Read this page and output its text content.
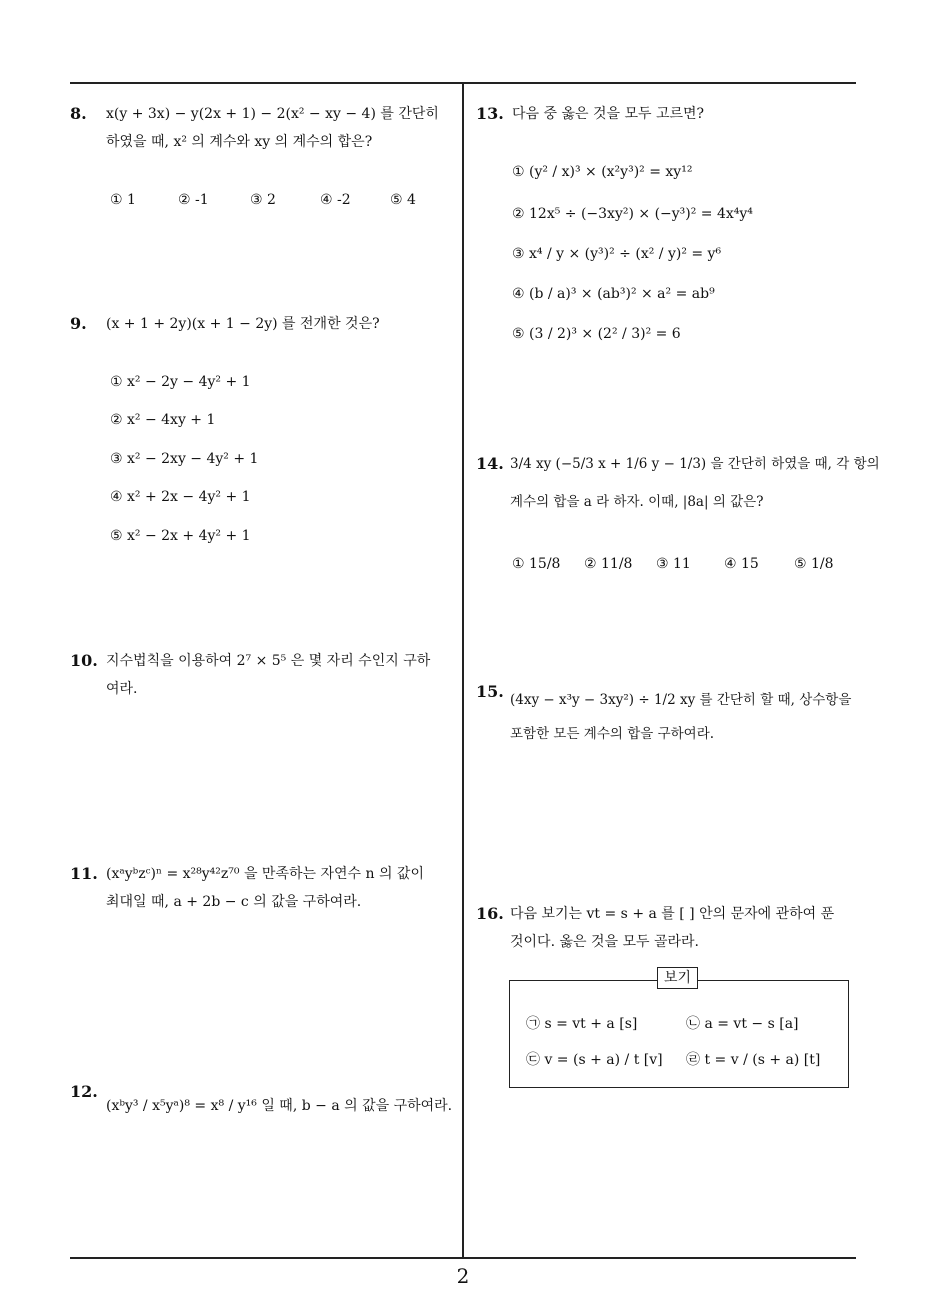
8. x(y + 3x) − y(2x + 1) − 2(x² − xy − 4) 를 간단히
하였을 때, x² 의 계수와 xy 의 계수의 합은?
① 1	② -1	③ 2	④ -2	⑤ 4
9. (x + 1 + 2y)(x + 1 − 2y) 를 전개한 것은?
① x² − 2y − 4y² + 1
② x² − 4xy + 1
③ x² − 2xy − 4y² + 1
④ x² + 2x − 4y² + 1
⑤ x² − 2x + 4y² + 1
10. 지수법칙을 이용하여 2⁷ × 5⁵ 은 몇 자리 수인지 구하
여라.
11. (xᵃyᵇzᶜ)ⁿ = x²⁸y⁴²z⁷⁰ 을 만족하는 자연수 n 의 값이
최대일 때, a + 2b − c 의 값을 구하여라.
12.
(xᵇy³ / x⁵yᵃ)⁸ = x⁸ / y¹⁶ 일 때, b − a 의 값을 구하여라.
13. 다음 중 옳은 것을 모두 고르면?
① (y² / x)³ × (x²y³)² = xy¹²
② 12x⁵ ÷ (−3xy²) × (−y³)² = 4x⁴y⁴
③ x⁴ / y × (y³)² ÷ (x² / y)² = y⁶
④ (b / a)³ × (ab³)² × a² = ab⁹
⑤ (3 / 2)³ × (2² / 3)² = 6
14. 3/4 xy (−5/3 x + 1/6 y − 1/3) 을 간단히 하였을 때, 각 항의
계수의 합을 a 라 하자. 이때, |8a| 의 값은?
① 15/8 ② 11/8 ③ 11 ④ 15	⑤ 1/8
15. (4xy − x³y − 3xy²) ÷ 1/2 xy 를 간단히 할 때, 상수항을
포함한 모든 계수의 합을 구하여라.
16. 다음 보기는 vt = s + a 를 [ ] 안의 문자에 관하여 푼
것이다. 옳은 것을 모두 골라라.
보기
㉠ s = vt + a [s]	㉡ a = vt − s [a]
㉢ v = (s + a) / t [v] ㉣ t = v / (s + a) [t]
2
